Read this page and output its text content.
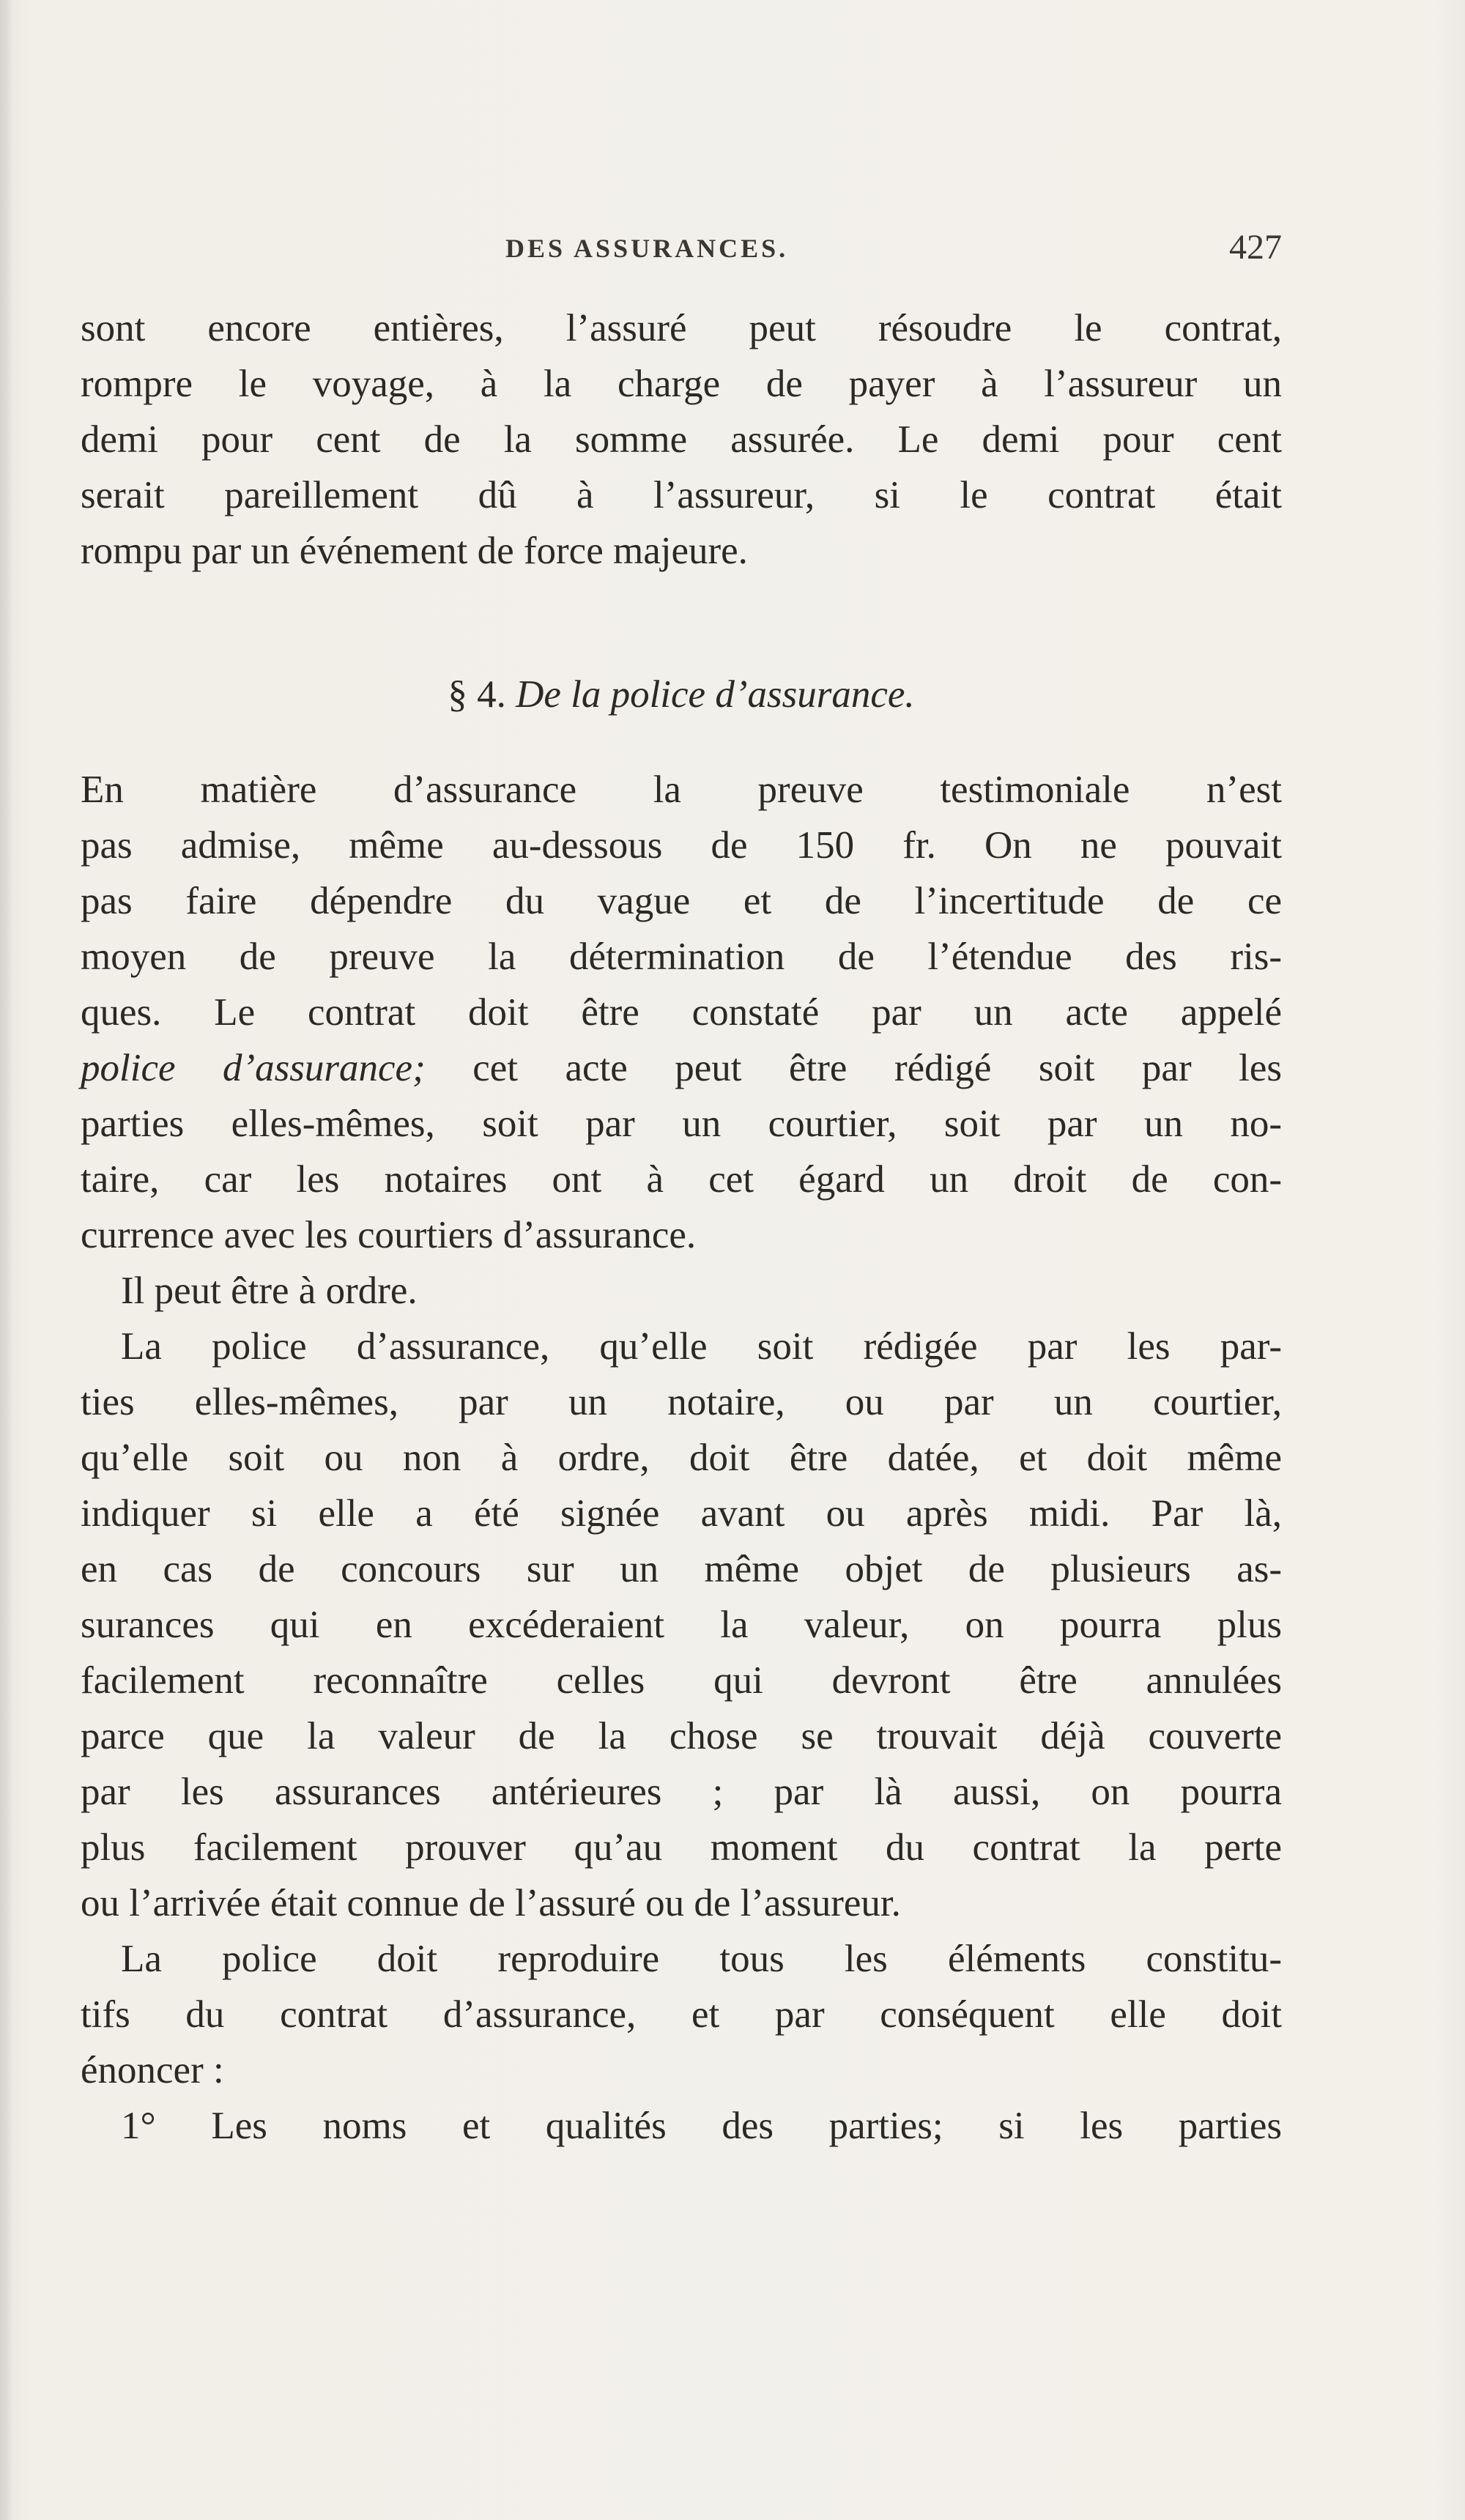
DES ASSURANCES.	427
sont encore entières, l’assuré peut résoudre le contrat,
rompre le voyage, à la charge de payer à l’assureur un
demi pour cent de la somme assurée. Le demi pour cent
serait pareillement dû à l’assureur, si le contrat était
rompu par un événement de force majeure.
§ 4. De la police d’assurance.
En matière d’assurance la preuve testimoniale n’est
pas admise, même au-dessous de 150 fr. On ne pouvait
pas faire dépendre du vague et de l’incertitude de ce
moyen de preuve la détermination de l’étendue des ris-
ques. Le contrat doit être constaté par un acte appelé
police d’assurance; cet acte peut être rédigé soit par les
parties elles-mêmes, soit par un courtier, soit par un no-
taire, car les notaires ont à cet égard un droit de con-
currence avec les courtiers d’assurance.
Il peut être à ordre.
La police d’assurance, qu’elle soit rédigée par les par-
ties elles-mêmes, par un notaire, ou par un courtier,
qu’elle soit ou non à ordre, doit être datée, et doit même
indiquer si elle a été signée avant ou après midi. Par là,
en cas de concours sur un même objet de plusieurs as-
surances qui en excéderaient la valeur, on pourra plus
facilement reconnaître celles qui devront être annulées
parce que la valeur de la chose se trouvait déjà couverte
par les assurances antérieures ; par là aussi, on pourra
plus facilement prouver qu’au moment du contrat la perte
ou l’arrivée était connue de l’assuré ou de l’assureur.
La police doit reproduire tous les éléments constitu-
tifs du contrat d’assurance, et par conséquent elle doit
énoncer :
1° Les noms et qualités des parties; si les parties
